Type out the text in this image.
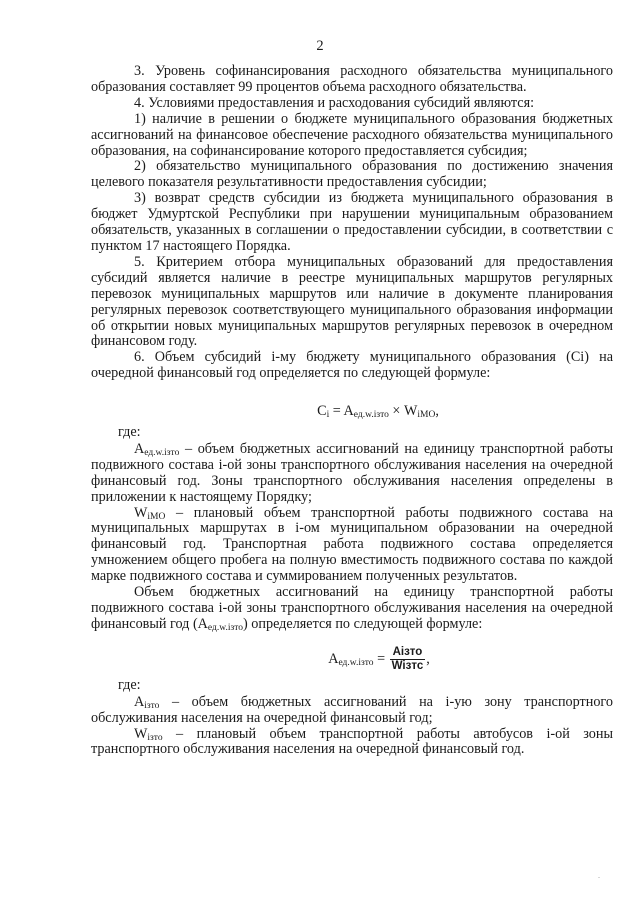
2

3. Уровень софинансирования расходного обязательства муниципального образования составляет 99 процентов объема расходного обязательства.

4. Условиями предоставления и расходования субсидий являются:

1) наличие в решении о бюджете муниципального образования бюджетных ассигнований на финансовое обеспечение расходного обязательства муниципального образования, на софинансирование которого предоставляется субсидия;

2) обязательство муниципального образования по достижению значения целевого показателя результативности предоставления субсидии;

3) возврат средств субсидии из бюджета муниципального образования в бюджет Удмуртской Республики при нарушении муниципальным образованием обязательств, указанных в соглашении о предоставлении субсидии, в соответствии с пунктом 17 настоящего Порядка.

5. Критерием отбора муниципальных образований для предоставления субсидий является наличие в реестре муниципальных маршрутов регулярных перевозок муниципальных маршрутов или наличие в документе планирования регулярных перевозок соответствующего муниципального образования информации об открытии новых муниципальных маршрутов регулярных перевозок в очередном финансовом году.

6. Объем субсидий i-му бюджету муниципального образования (Ci) на очередной финансовый год определяется по следующей формуле:

$C_i = A_{ед.w.iзто} \times W_{iMO}$,

где:

$A_{ед.w.iзто}$ – объем бюджетных ассигнований на единицу транспортной работы подвижного состава i-ой зоны транспортного обслуживания населения на очередной финансовый год. Зоны транспортного обслуживания населения определены в приложении к настоящему Порядку;

$W_{iMO}$ – плановый объем транспортной работы подвижного состава на муниципальных маршрутах в i-ом муниципальном образовании на очередной финансовый год. Транспортная работа подвижного состава определяется умножением общего пробега на полную вместимость подвижного состава по каждой марке подвижного состава и суммированием полученных результатов.

Объем бюджетных ассигнований на единицу транспортной работы подвижного состава i-ой зоны транспортного обслуживания населения на очередной финансовый год $(A_{ед.w.iзто})$ определяется по следующей формуле:

$A_{ед.w.iзто} = \frac{\text{Aiзто}}{\text{Wiзтс}}$ ,

где:

$A_{iзто}$ – объем бюджетных ассигнований на i-ую зону транспортного обслуживания населения на очередной финансовый год;

$W_{iзто}$ – плановый объем транспортной работы автобусов i-ой зоны транспортного обслуживания населения на очередной финансовый год.

.
